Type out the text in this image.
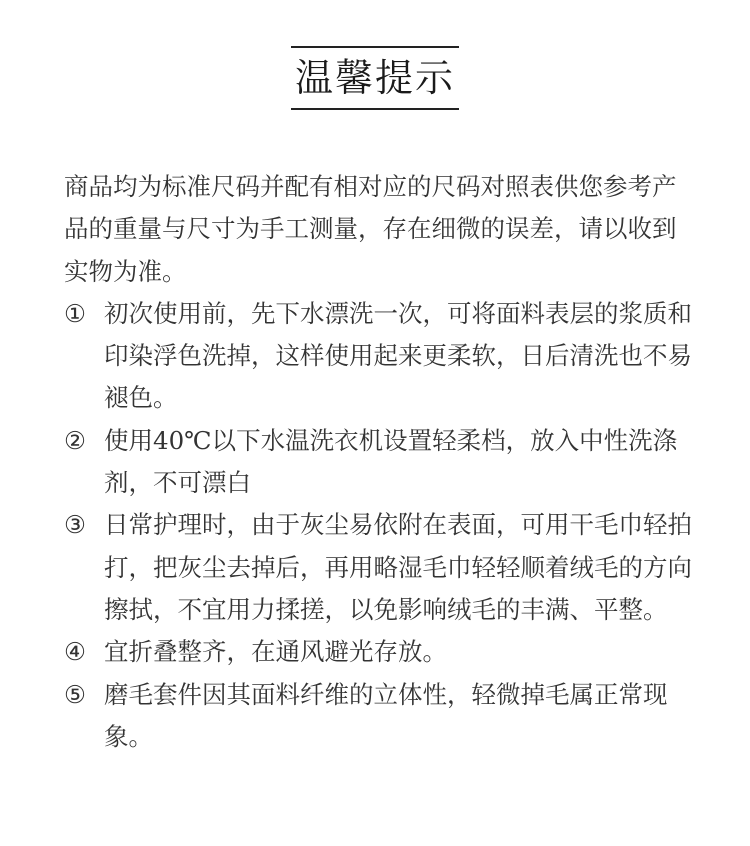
温馨提示

商品均为标准尺码并配有相对应的尺码对照表供您参考产品的重量与尺寸为手工测量，存在细微的误差，请以收到实物为准。

① 初次使用前，先下水漂洗一次，可将面料表层的浆质和印染浮色洗掉，这样使用起来更柔软，日后清洗也不易褪色。
② 使用40℃以下水温洗衣机设置轻柔档，放入中性洗涤剂，不可漂白
③ 日常护理时，由于灰尘易依附在表面，可用干毛巾轻拍打，把灰尘去掉后，再用略湿毛巾轻轻顺着绒毛的方向擦拭，不宜用力揉搓，以免影响绒毛的丰满、平整。
④ 宜折叠整齐，在通风避光存放。
⑤ 磨毛套件因其面料纤维的立体性，轻微掉毛属正常现象。
